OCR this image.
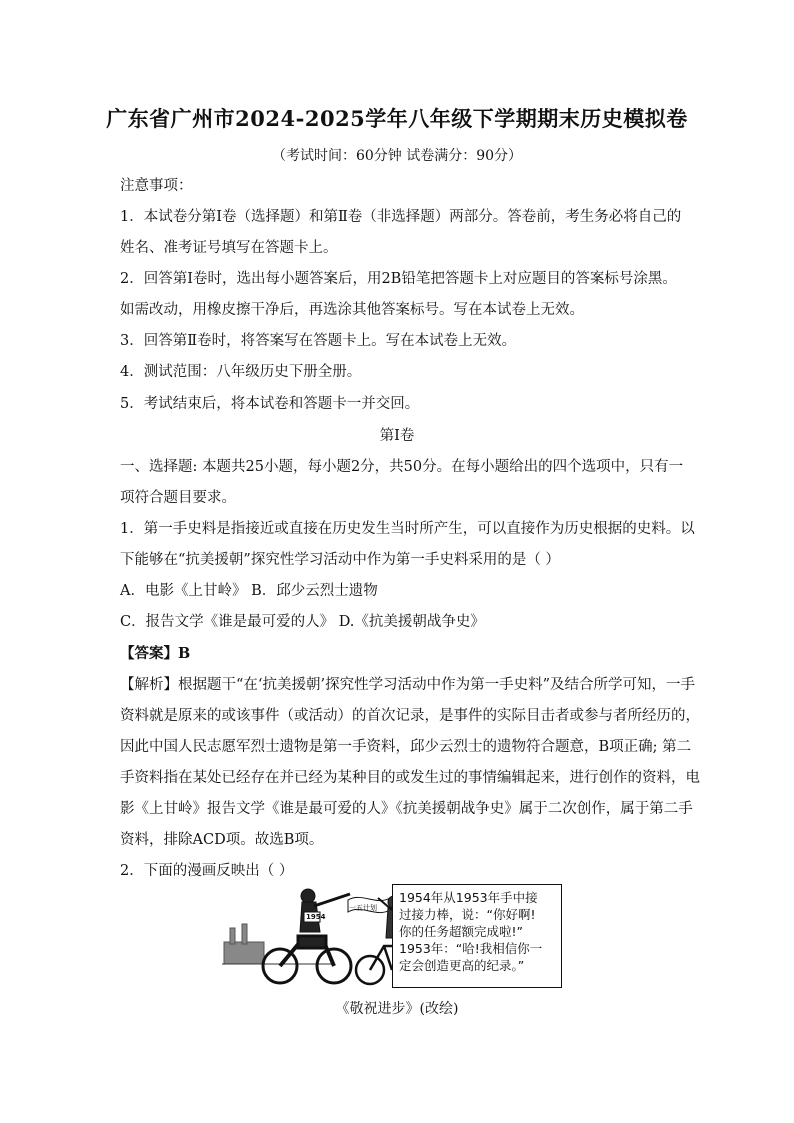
广东省广州市2024-2025学年八年级下学期期末历史模拟卷
（考试时间：60分钟 试卷满分：90分）
注意事项：
1．本试卷分第Ⅰ卷（选择题）和第Ⅱ卷（非选择题）两部分。答卷前，考生务必将自己的
姓名、准考证号填写在答题卡上。
2．回答第Ⅰ卷时，选出每小题答案后，用2B铅笔把答题卡上对应题目的答案标号涂黑。
如需改动，用橡皮擦干净后，再选涂其他答案标号。写在本试卷上无效。
3．回答第Ⅱ卷时，将答案写在答题卡上。写在本试卷上无效。
4．测试范围：八年级历史下册全册。
5．考试结束后，将本试卷和答题卡一并交回。
第Ⅰ卷
一、选择题: 本题共25小题，每小题2分，共50分。在每小题给出的四个选项中，只有一
项符合题目要求。
1．第一手史料是指接近或直接在历史发生当时所产生，可以直接作为历史根据的史料。以
下能够在“抗美援朝”探究性学习活动中作为第一手史料采用的是（ ）
A．电影《上甘岭》 B．邱少云烈士遗物
C．报告文学《谁是最可爱的人》 D.《抗美援朝战争史》
【答案】B
【解析】根据题干“在‘抗美援朝’探究性学习活动中作为第一手史料”及结合所学可知，一手
资料就是原来的或该事件（或活动）的首次记录，是事件的实际目击者或参与者所经历的，
因此中国人民志愿军烈士遗物是第一手资料，邱少云烈士的遗物符合题意，B项正确; 第二
手资料指在某处已经存在并已经为某种目的或发生过的事情编辑起来，进行创作的资料，电
影《上甘岭》报告文学《谁是最可爱的人》《抗美援朝战争史》属于二次创作，属于第二手
资料，排除ACD项。故选B项。
2．下面的漫画反映出（ ）
1954
一五计划
1954年从1953年手中接
过接力棒，说：“你好啊!
你的任务超额完成啦!”
1953年：“哈!我相信你一
定会创造更高的纪录。”
《敬祝进步》(改绘)
